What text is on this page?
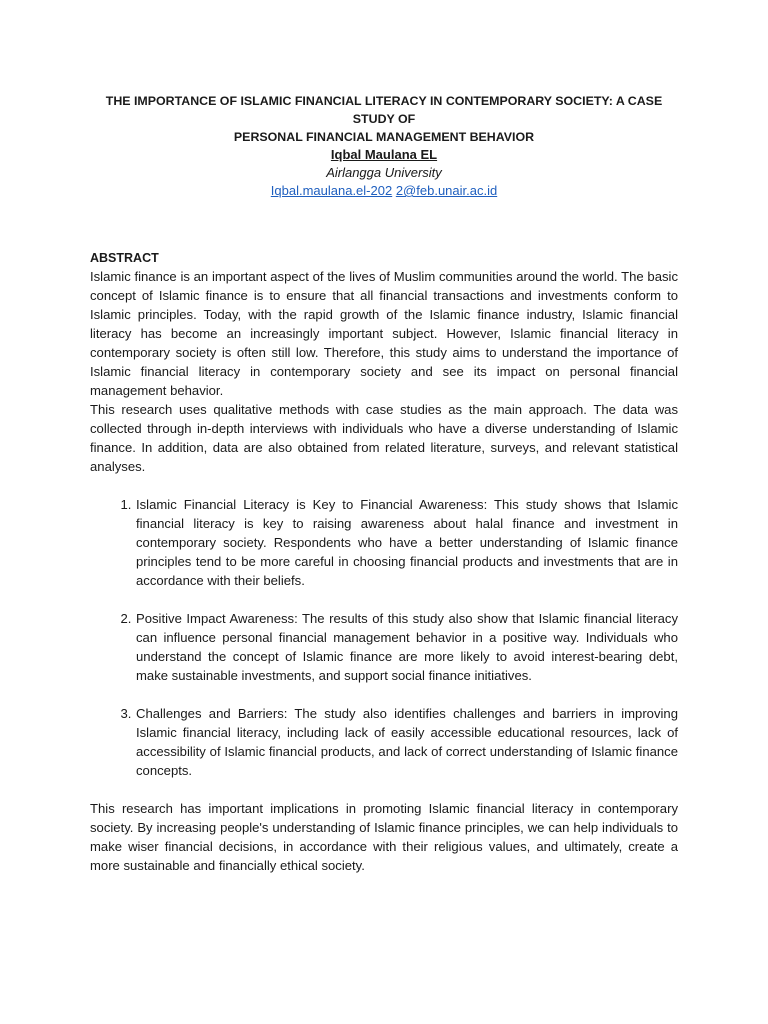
THE IMPORTANCE OF ISLAMIC FINANCIAL LITERACY IN CONTEMPORARY SOCIETY: A CASE STUDY OF
PERSONAL FINANCIAL MANAGEMENT BEHAVIOR

Iqbal Maulana EL

Airlangga University

Iqbal.maulana.el-202 2@feb.unair.ac.id

ABSTRACT

Islamic finance is an important aspect of the lives of Muslim communities around the world. The basic concept of Islamic finance is to ensure that all financial transactions and investments conform to Islamic principles. Today, with the rapid growth of the Islamic finance industry, Islamic financial literacy has become an increasingly important subject. However, Islamic financial literacy in contemporary society is often still low. Therefore, this study aims to understand the importance of Islamic financial literacy in contemporary society and see its impact on personal financial management behavior.

This research uses qualitative methods with case studies as the main approach. The data was collected through in-depth interviews with individuals who have a diverse understanding of Islamic finance. In addition, data are also obtained from related literature, surveys, and relevant statistical analyses.

1. Islamic Financial Literacy is Key to Financial Awareness: This study shows that Islamic financial literacy is key to raising awareness about halal finance and investment in contemporary society. Respondents who have a better understanding of Islamic finance principles tend to be more careful in choosing financial products and investments that are in accordance with their beliefs.
2. Positive Impact Awareness: The results of this study also show that Islamic financial literacy can influence personal financial management behavior in a positive way. Individuals who understand the concept of Islamic finance are more likely to avoid interest-bearing debt, make sustainable investments, and support social finance initiatives.
3. Challenges and Barriers: The study also identifies challenges and barriers in improving Islamic financial literacy, including lack of easily accessible educational resources, lack of accessibility of Islamic financial products, and lack of correct understanding of Islamic finance concepts.

This research has important implications in promoting Islamic financial literacy in contemporary society. By increasing people's understanding of Islamic finance principles, we can help individuals to make wiser financial decisions, in accordance with their religious values, and ultimately, create a more sustainable and financially ethical society.
